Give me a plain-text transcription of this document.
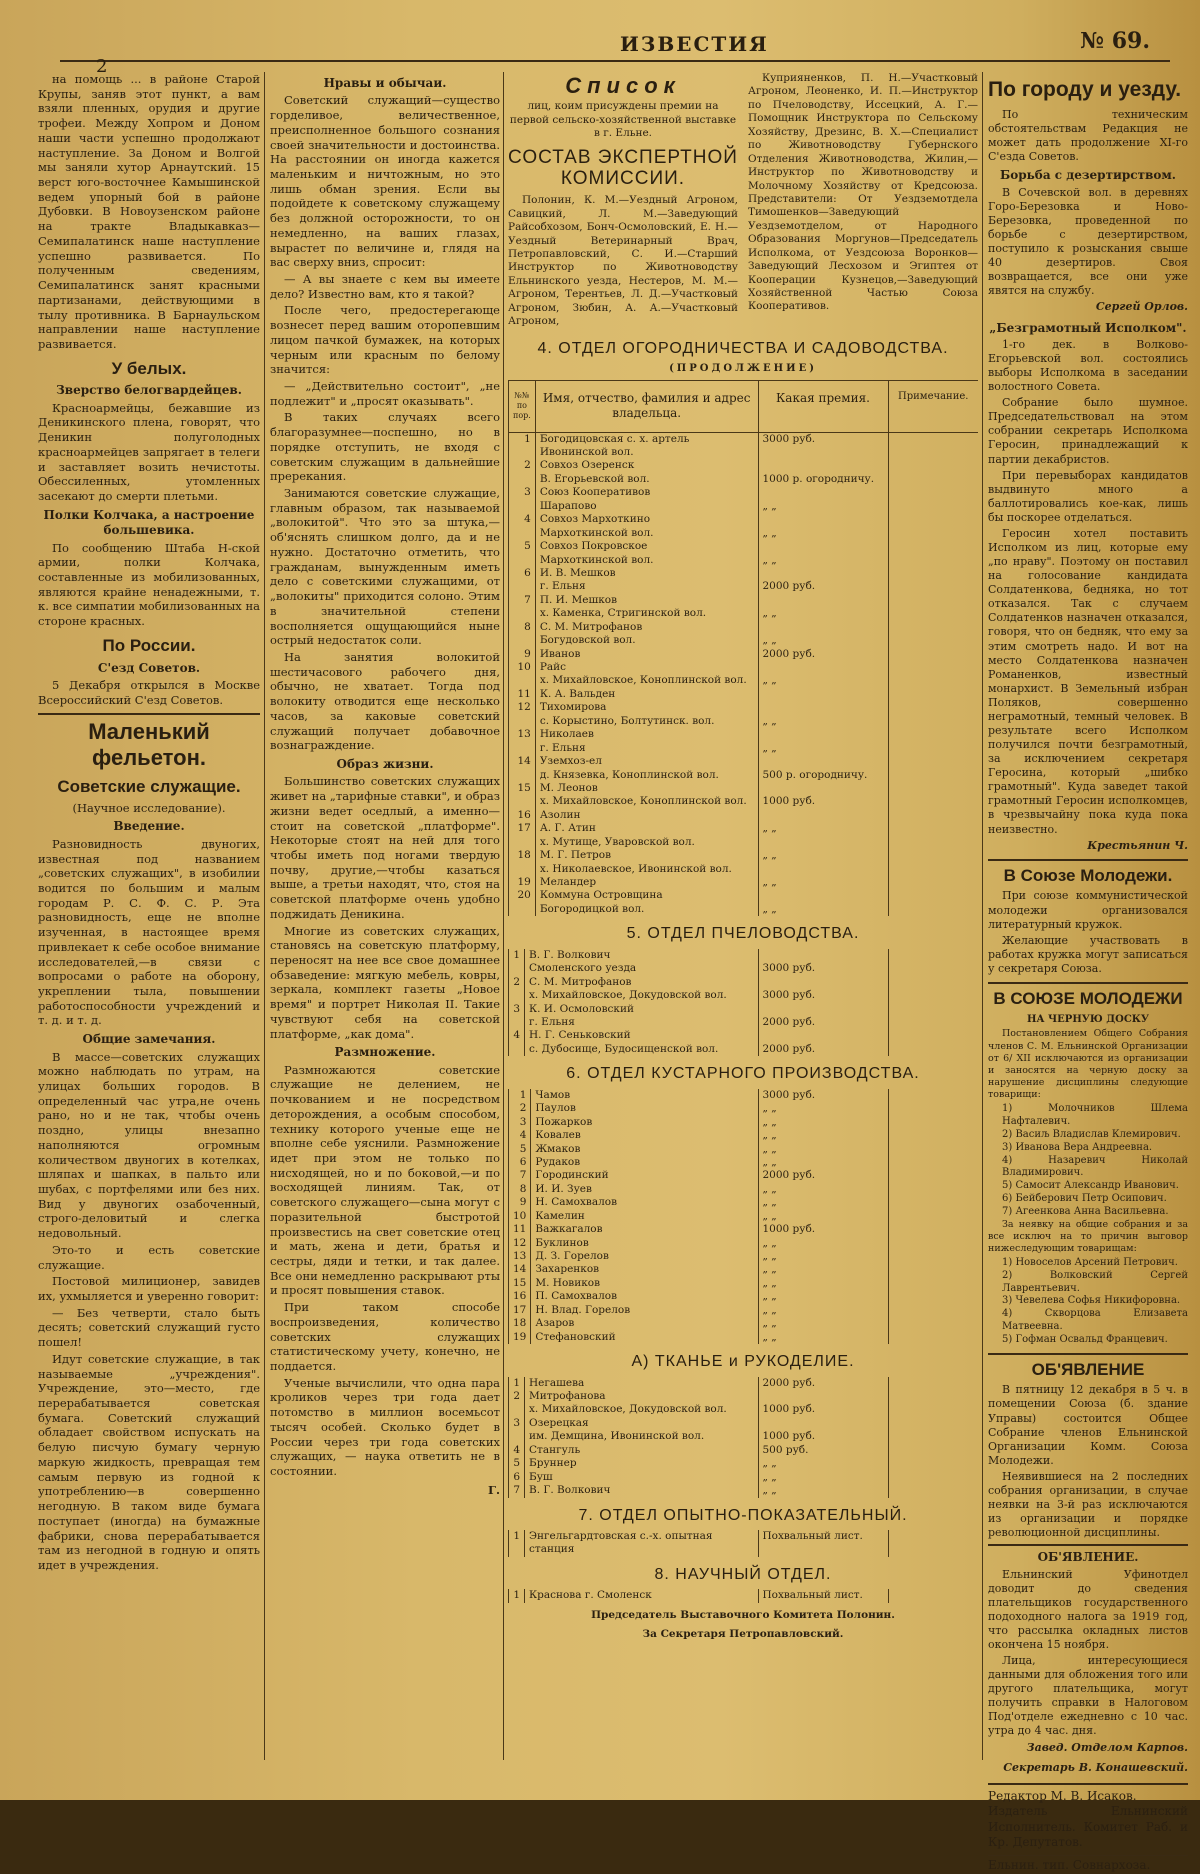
2
ИЗВЕСТИЯ	№ 69.

на помощь ... в районе Старой Крупы, заняв этот пункт, а вам взяли пленных, орудия и другие трофеи. Между Хопром и Доном наши части успешно продолжают наступление. За Доном и Волгой мы заняли хутор Арнаутский. 15 верст юго-восточнее Камышинской ведем упорный бой в районе Дубовки. В Новоузенском районе на тракте Владыкавказ—Семипалатинск наше наступление успешно развивается. По полученным сведениям, Семипалатинск занят красными партизанами, действующими в тылу противника. В Барнаульском направлении наше наступление развивается.

У белых.
Зверство белогвардейцев.

Красноармейцы, бежавшие из Деникинского плена, говорят, что Деникин полуголодных красноармейцев запрягает в телеги и заставляет возить нечистоты. Обессиленных, утомленных засекают до смерти плетьми.

Полки Колчака, а настроение большевика.

По сообщению Штаба Н-ской армии, полки Колчака, составленные из мобилизованных, являются крайне ненадежными, т. к. все симпатии мобилизованных на стороне красных.

По России.
С'езд Советов.

5 Декабря открылся в Москве Всероссийский С'езд Советов.

Маленький фельетон.
Советские служащие.
(Научное исследование).
Введение.

Разновидность двуногих, известная под названием „советских служащих", в изобилии водится по большим и малым городам Р. С. Ф. С. Р. Эта разновидность, еще не вполне изученная, в настоящее время привлекает к себе особое внимание исследователей,—в связи с вопросами о работе на оборону, укреплении тыла, повышении работоспособности учреждений и т. д. и т. д.

Общие замечания.

В массе—советских служащих можно наблюдать по утрам, на улицах больших городов. В определенный час утра,не очень рано, но и не так, чтобы очень поздно, улицы внезапно наполняются огромным количеством двуногих в котелках, шляпах и шапках, в пальто или шубах, с портфелями или без них. Вид у двуногих озабоченный, строго-деловитый и слегка недовольный.

Это-то и есть советские служащие.

Постовой милиционер, завидев их, ухмыляется и уверенно говорит:

— Без четверти, стало быть десять; советский служащий густо пошел!

Идут советские служащие, в так называемые „учреждения". Учреждение, это—место, где перерабатывается советская бумага. Советский служащий обладает свойством испускать на белую писчую бумагу черную маркую жидкость, превращая тем самым первую из годной к употреблению—в совершенно негодную. В таком виде бумага поступает (иногда) на бумажные фабрики, снова перерабатывается там из негодной в годную и опять идет в учреждения.

Нравы и обычаи.

Советский служащий—существо горделивое, величественное, преисполненное большого сознания своей значительности и достоинства. На расстоянии он иногда кажется маленьким и ничтожным, но это лишь обман зрения. Если вы подойдете к советскому служащему без должной осторожности, то он немедленно, на ваших глазах, вырастет по величине и, глядя на вас сверху вниз, спросит:

— А вы знаете с кем вы имеете дело? Известно вам, кто я такой?

После чего, предостерегающе вознесет перед вашим оторопевшим лицом пачкой бумажек, на которых черным или красным по белому значится:

— „Действительно состоит", „не подлежит" и „просят оказывать".

В таких случаях всего благоразумнее—поспешно, но в порядке отступить, не входя с советским служащим в дальнейшие пререкания.

Занимаются советские служащие, главным образом, так называемой „волокитой". Что это за штука,—об'яснять слишком долго, да и не нужно. Достаточно отметить, что гражданам, вынужденным иметь дело с советскими служащими, от „волокиты" приходится солоно. Этим в значительной степени восполняется ощущающийся ныне острый недостаток соли.

На занятия волокитой шестичасового рабочего дня, обычно, не хватает. Тогда под волокиту отводится еще несколько часов, за каковые советский служащий получает добавочное вознаграждение.

Образ жизни.

Большинство советских служащих живет на „тарифные ставки", и образ жизни ведет оседлый, а именно—стоит на советской „платформе". Некоторые стоят на ней для того чтобы иметь под ногами твердую почву, другие,—чтобы казаться выше, а третьи находят, что, стоя на советской платформе очень удобно поджидать Деникина.

Многие из советских служащих, становясь на советскую платформу, переносят на нее все свое домашнее обзаведение: мягкую мебель, ковры, зеркала, комплект газеты „Новое время" и портрет Николая II. Такие чувствуют себя на советской платформе, „как дома".

Размножение.

Размножаются советские служащие не делением, не почкованием и не посредством деторождения, а особым способом, технику которого ученые еще не вполне себе уяснили. Размножение идет при этом не только по нисходящей, но и по боковой,—и по восходящей линиям. Так, от советского служащего—сына могут с поразительной быстротой произвестись на свет советские отец и мать, жена и дети, братья и сестры, дяди и тетки, и так далее. Все они немедленно раскрывают рты и просят повышения ставок.

При таком способе воспроизведения, количество советских служащих статистическому учету, конечно, не поддается.

Ученые вычислили, что одна пара кроликов через три года дает потомство в миллион восемьсот тысяч особей. Сколько будет в России через три года советских служащих, — наука ответить не в состоянии.

Г.
Список
лиц, коим присуждены премии на первой сельско-хозяйственной выставке в г. Ельне.
СОСТАВ ЭКСПЕРТНОЙ КОМИССИИ.

Полонин, К. М.—Уездный Агроном, Савицкий, Л. М.—Заведующий Райсобхозом, Бонч-Осмоловский, Е. Н.—Уездный Ветеринарный Врач, Петропавловский, С. И.—Старший Инструктор по Животноводству Ельнинского уезда, Нестеров, М. М.—Агроном, Терентьев, Л. Д.—Участковый Агроном, Зюбин, А. А.—Участковый Агроном,

Куприяненков, П. Н.—Участковый Агроном, Леоненко, И. П.—Инструктор по Пчеловодству, Иссецкий, А. Г.—Помощник Инструктора по Сельскому Хозяйству, Дрезинс, В. Х.—Специалист по Животноводству Губернского Отделения Животноводства, Жилин,—Инструктор по Животноводству и Молочному Хозяйству от Кредсоюза. Представители: От Уездземотдела Тимошенков—Заведующий Уездземотделом, от Народного Образования Моргунов—Председатель Исполкома, от Уездсоюза Воронков—Заведующий Лесхозом и Эгиптея от Кооперации Кузнецов,—Заведующий Хозяйственной Частью Союза Кооперативов.

4. ОТДЕЛ ОГОРОДНИЧЕСТВА И САДОВОДСТВА.
(ПРОДОЛЖЕНИЕ)
№№ по пор.	Имя, отчество, фамилия и адрес владельца.	Какая премия.	Примечание.
1	Богодицовская с. х. артель Ивонинской вол.	3000 руб.	
2	Совхоз Озеренск		
	В. Егорьевской вол.	1000 р. огородничу.	
3	Союз Кооперативов		
	Шарапово	„ „	
4	Совхоз Мархоткино		
	Мархоткинской вол.	„ „	
5	Совхоз Покровское		
	Мархоткинской вол.	„ „	
6	И. В. Мешков		
	г. Ельня	2000 руб.	
7	П. И. Мешков		
	х. Каменка, Стригинской вол.	„ „	
8	С. М. Митрофанов		
	Богудовской вол.	„ „	
9	Иванов	2000 руб.	
10	Райс		
	х. Михайловское, Коноплинской вол.	„ „	
11	К. А. Вальден		
12	Тихомирова		
	с. Корыстино, Болтутинск. вол.	„ „	
13	Николаев		
	г. Ельня	„ „	
14	Уземхоз-ел		
	д. Князевка, Коноплинской вол.	500 р. огородничу.	
15	М. Леонов		
	х. Михайловское, Коноплинской вол.	1000 руб.	
16	Азолин		
17	А. Г. Атин	„ „	
	х. Мутище, Уваровской вол.		
18	М. Г. Петров	„ „	
	х. Николаевское, Ивонинской вол.		
19	Меландер	„ „	
20	Коммуна Островщина		
	Богородицкой вол.	„ „	
5. ОТДЕЛ ПЧЕЛОВОДСТВА.
1	В. Г. Волкович		
	Смоленского уезда	3000 руб.	
2	С. М. Митрофанов		
	х. Михайловское, Докудовской вол.	3000 руб.	
3	К. И. Осмоловский		
	г. Ельня	2000 руб.	
4	Н. Г. Сеньковский		
	с. Дубосище, Будосищенской вол.	2000 руб.	
6. ОТДЕЛ КУСТАРНОГО ПРОИЗВОДСТВА.
1	Чамов	3000 руб.	
2	Паулов	„ „	
3	Пожарков	„ „	
4	Ковалев	„ „	
5	Жмаков	„ „	
6	Рудаков	„ „	
7	Городинский	2000 руб.	
8	И. И. Зуев	„ „	
9	Н. Самохвалов	„ „	
10	Камелин	„ „	
11	Важкагалов	1000 руб.	
12	Буклинов	„ „	
13	Д. З. Горелов	„ „	
14	Захаренков	„ „	
15	М. Новиков	„ „	
16	П. Самохвалов	„ „	
17	Н. Влад. Горелов	„ „	
18	Азаров	„ „	
19	Стефановский	„ „	
А) ТКАНЬЕ и РУКОДЕЛИЕ.
1	Негашева	2000 руб.	
2	Митрофанова		
	х. Михайловское, Докудовской вол.	1000 руб.	
3	Озерецкая		
	им. Демщина, Ивонинской вол.	1000 руб.	
4	Стангуль	500 руб.	
5	Бруннер	„ „	
6	Буш	„ „	
7	В. Г. Волкович	„ „	
7. ОТДЕЛ ОПЫТНО-ПОКАЗАТЕЛЬНЫЙ.
1	Энгельгардтовская с.-х. опытная станция	Похвальный лист.	
8. НАУЧНЫЙ ОТДЕЛ.
1	Краснова г. Смоленск	Похвальный лист.	
Председатель Выставочного Комитета Полонин.
За Секретаря Петропавловский.
По городу и уезду.

По техническим обстоятельствам Редакция не может дать продолжение XI-го С'езда Советов.

Борьба с дезертирством.

В Сочевской вол. в деревнях Горо-Березовка и Ново-Березовка, проведенной по борьбе с дезертирством, поступило к розыскания свыше 40 дезертиров. Своя возвращается, все они уже явятся на службу.

Сергей Орлов.
„Безграмотный Исполком".

1-го дек. в Волково-Егорьевской вол. состоялись выборы Исполкома в заседании волостного Совета.

Собрание было шумное. Председательствовал на этом собрании секретарь Исполкома Геросин, принадлежащий к партии декабристов.

При перевыборах кандидатов выдвинуто много а баллотировались кое-как, лишь бы поскорее отделаться.

Геросин хотел поставить Исполком из лиц, которые ему „по нраву". Поэтому он поставил на голосование кандидата Солдатенкова, бедняка, но тот отказался. Так с случаем Солдатенков назначен отказался, говоря, что он бедняк, что ему за этим смотреть надо. И вот на место Солдатенкова назначен Романенков, известный монархист. В Земельный избран Поляков, совершенно неграмотный, темный человек. В результате всего Исполком получился почти безграмотный, за исключением секретаря Геросина, который „шибко грамотный". Куда заведет такой грамотный Геросин исполкомцев, в чрезвычайну пока куда пока неизвестно.

Крестьянин Ч.
В Союзе Молодежи.

При союзе коммунистической молодежи организовался литературный кружок.

Желающие участвовать в работах кружка могут записаться у секретаря Союза.

В СОЮЗЕ МОЛОДЕЖИ
НА ЧЕРНУЮ ДОСКУ

Постановлением Общего Собрания членов С. М. Ельнинской Организации от 6/ XII исключаются из организации и заносятся на черную доску за нарушение дисциплины следующие товарищи:

1) Молочников Шлема Нафталевич.
2) Васиљ Владислав Клемирович.
3) Иванова Вера Андреевна.
4) Назаревич Николай Владимирович.
5) Самосит Александр Иванович.
6) Бейберович Петр Осипович.
7) Агеенкова Анна Васильевна.

За неявку на общие собрания и за все исключ на то причин выговор нижеследующим товарищам:

1) Новоселов Арсений Петрович.
2) Волковский Сергей Лаврентьевич.
3) Чевелева Софья Никифоровна.
4) Скворцова Елизавета Матвеевна.
5) Гофман Освальд Францевич.
ОБ'ЯВЛЕНИЕ

В пятницу 12 декабря в 5 ч. в помещении Союза (б. здание Управы) состоится Общее Собрание членов Ельнинской Организации Комм. Союза Молодежи.

Неявившиеся на 2 последних собрания организации, в случае неявки на 3-й раз исключаются из организации и порядке революционной дисциплины.

ОБ'ЯВЛЕНИЕ.

Ельнинский Уфинотдел доводит до сведения плательщиков государственного подоходного налога за 1919 год, что рассылка окладных листов окончена 15 ноября.

Лица, интересующиеся данными для обложения того или другого плательщика, могут получить справки в Налоговом Под'отделе ежедневно с 10 час. утра до 4 час. дня.

Завед. Отделом Карпов.
Секретарь В. Конашевский.
Редактор М. В. Исаков.
Издатель Ельнинский Исполнитель. Комитет Раб. и Кр. Депутатов.
Ельнин. тип. Совнархоза.
